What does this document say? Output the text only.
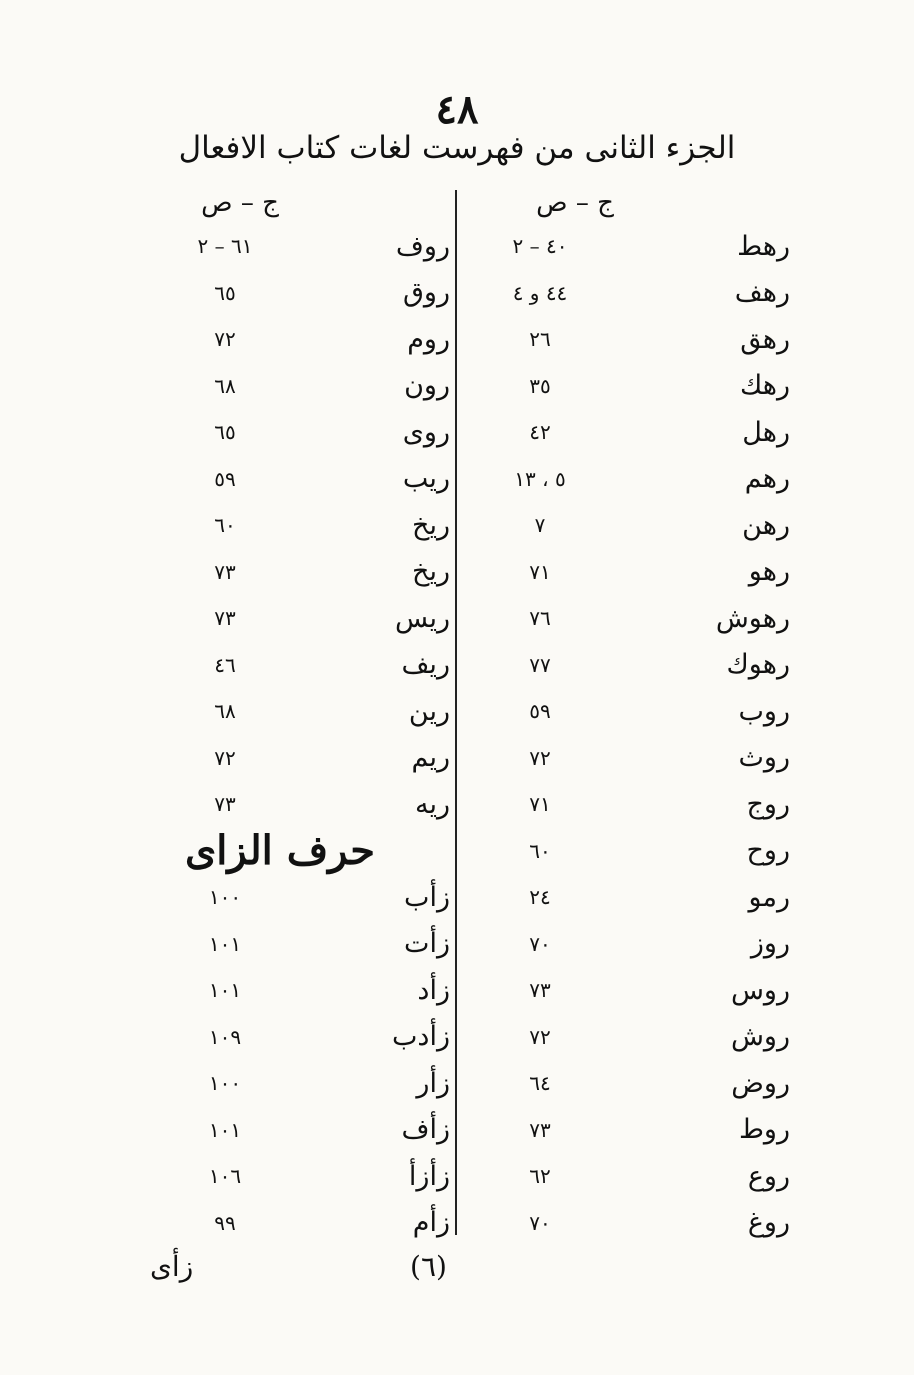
٤٨
الجزء الثانى من فهرست لغات كتاب الافعال
ج – ص
ج – ص
رهط
٤٠ – ٢
رهف
٤٤ و ٤
رهق
٢٦
رهك
٣٥
رهل
٤٢
رهم
٥ ، ١٣
رهن
٧
رهو
٧١
رهوش
٧٦
رهوك
٧٧
روب
٥٩
روث
٧٢
روج
٧١
روح
٦٠
رمو
٢٤
روز
٧٠
روس
٧٣
روش
٧٢
روض
٦٤
روط
٧٣
روع
٦٢
روغ
٧٠
روف
٦١ – ٢
روق
٦٥
روم
٧٢
رون
٦٨
روى
٦٥
ريب
٥٩
ريخ
٦٠
ريخ
٧٣
ريس
٧٣
ريف
٤٦
رين
٦٨
ريم
٧٢
ريه
٧٣
حرف الزاى
زأب
١٠٠
زأت
١٠١
زأد
١٠١
زأدب
١٠٩
زأر
١٠٠
زأف
١٠١
زأزأ
١٠٦
زأم
٩٩
زأى	(٦)
